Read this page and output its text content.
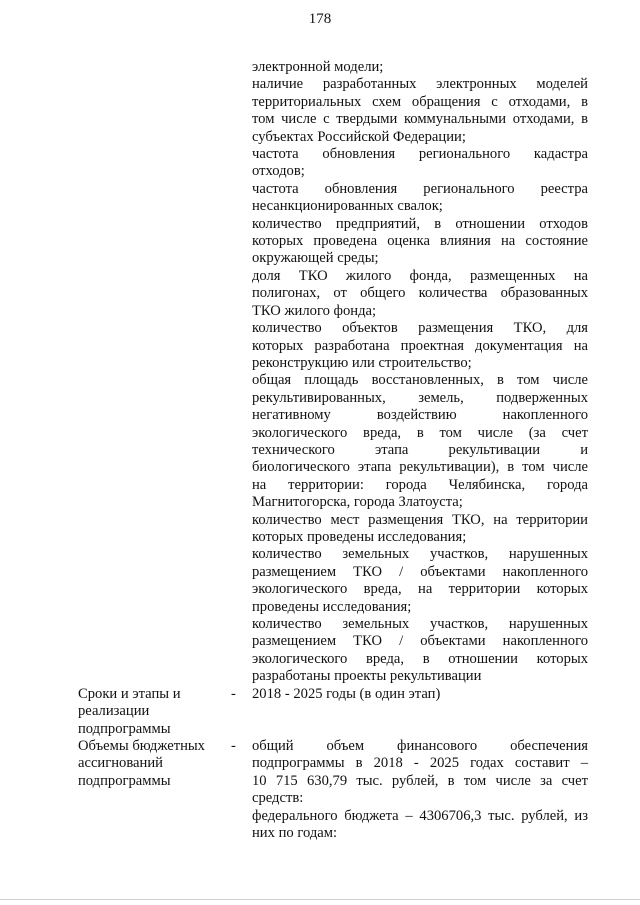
178
электронной модели;
наличие разработанных электронных моделей
территориальных схем обращения с отходами, в
том числе с твердыми коммунальными отходами, в
субъектах Российской Федерации;
частота обновления регионального кадастра
отходов;
частота обновления регионального реестра
несанкционированных свалок;
количество предприятий, в отношении отходов
которых проведена оценка влияния на состояние
окружающей среды;
доля ТКО жилого фонда, размещенных на
полигонах, от общего количества образованных
ТКО жилого фонда;
количество объектов размещения ТКО, для
которых разработана проектная документация на
реконструкцию или строительство;
общая площадь восстановленных, в том числе
рекультивированных, земель, подверженных
негативному воздействию накопленного
экологического вреда, в том числе (за счет
технического этапа рекультивации и
биологического этапа рекультивации), в том числе
на территории: города Челябинска, города
Магнитогорска, города Златоуста;
количество мест размещения ТКО, на территории
которых проведены исследования;
количество земельных участков, нарушенных
размещением ТКО / объектами накопленного
экологического вреда, на территории которых
проведены исследования;
количество земельных участков, нарушенных
размещением ТКО / объектами накопленного
экологического вреда, в отношении которых
разработаны проекты рекультивации
Сроки и этапы и
реализации
подпрограммы
- 2018 - 2025 годы (в один этап)
Объемы бюджетных
ассигнований
подпрограммы
- общий объем финансового обеспечения
подпрограммы в 2018 - 2025 годах составит –
10 715 630,79 тыс. рублей, в том числе за счет
средств:
федерального бюджета – 4306706,3 тыс. рублей, из
них по годам:
